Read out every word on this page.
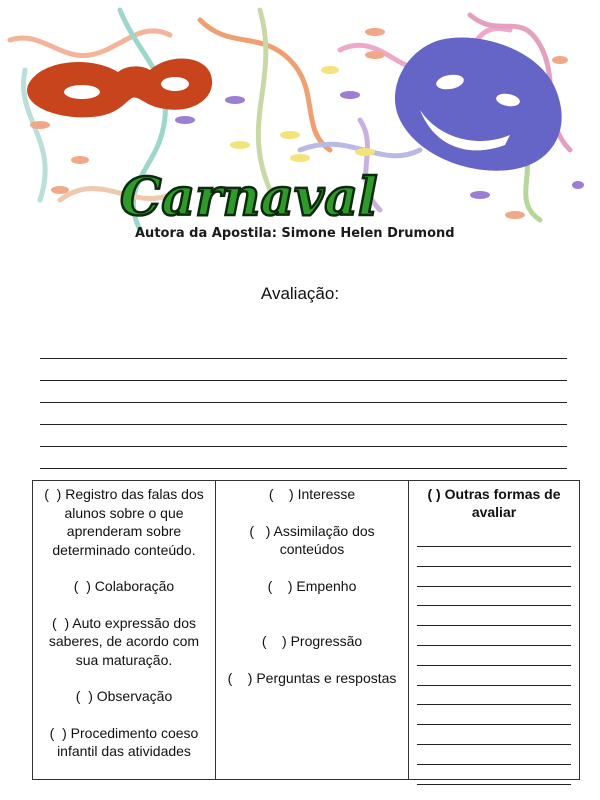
Carnaval
Autora da Apostila: Simone Helen Drumond
Avaliação:
(  ) Registro das falas dos alunos sobre o que aprenderam sobre determinado conteúdo.
(  ) Colaboração
(  ) Auto expressão dos saberes, de acordo com sua maturação.
(  ) Observação
(  ) Procedimento coeso infantil das atividades
(    ) Interesse
(   ) Assimilação dos conteúdos
(    ) Empenho
(    ) Progressão
(    ) Perguntas e respostas
( ) Outras formas de avaliar
